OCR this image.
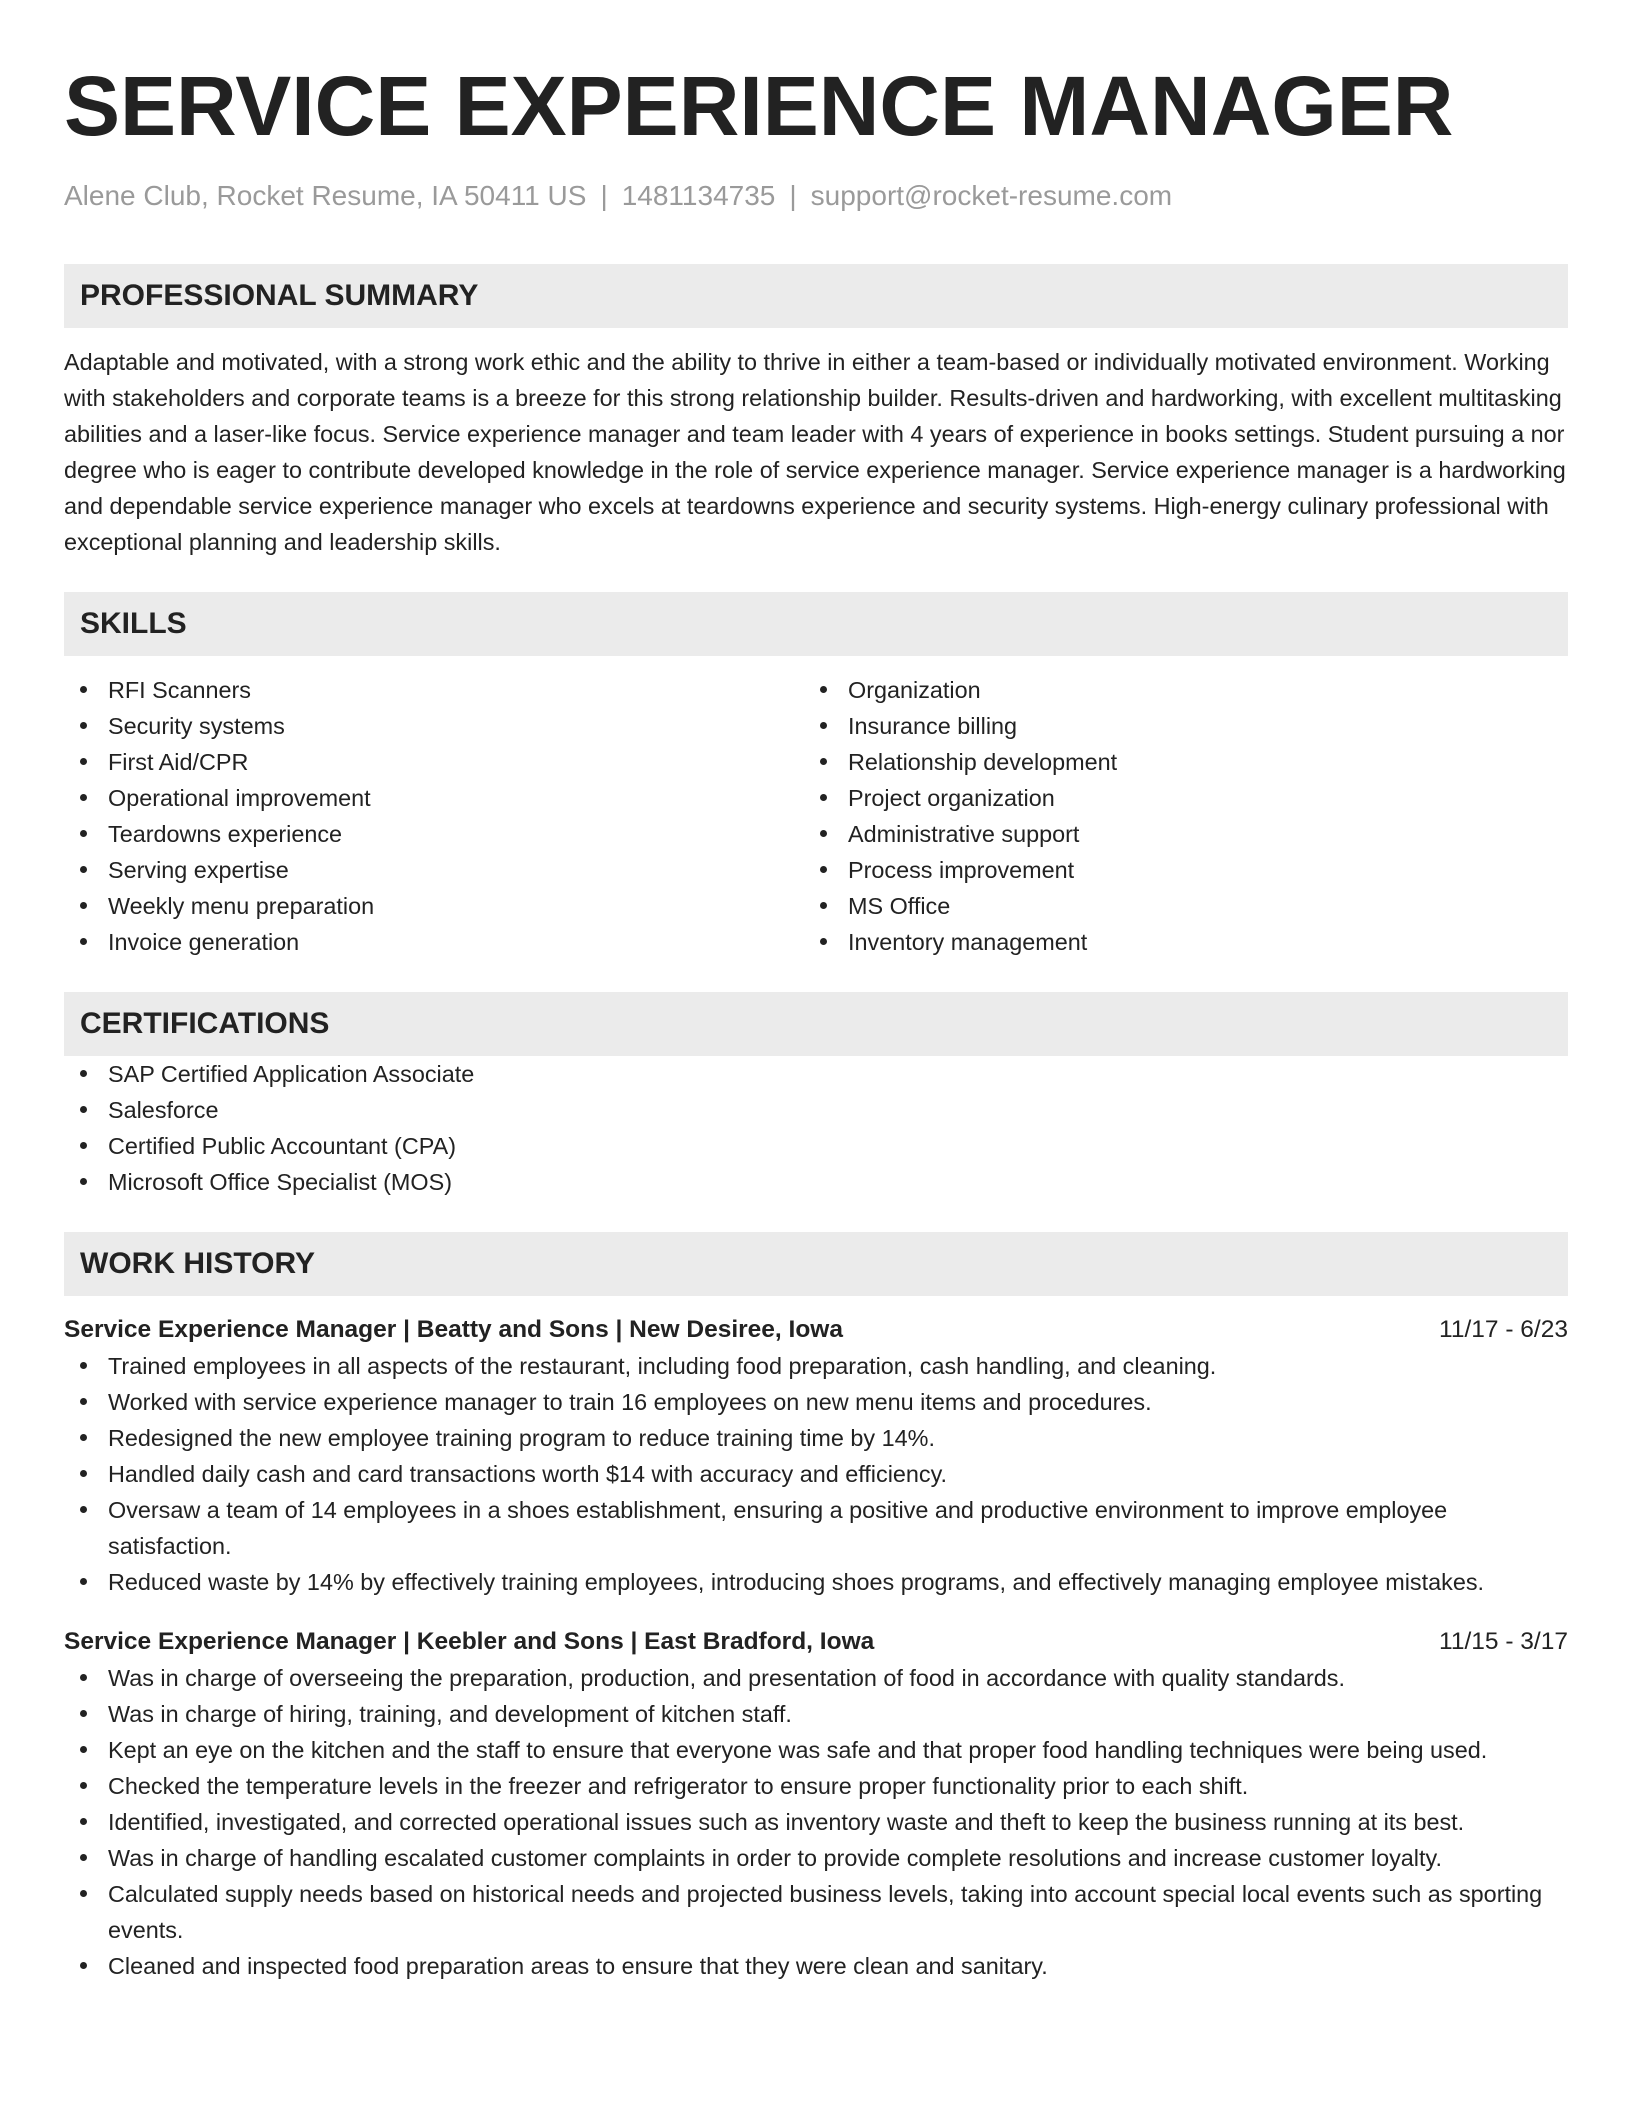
SERVICE EXPERIENCE MANAGER
Alene Club, Rocket Resume, IA 50411 US | 1481134735 | support@rocket-resume.com
PROFESSIONAL SUMMARY

Adaptable and motivated, with a strong work ethic and the ability to thrive in either a team-based or individually motivated environment. Working with stakeholders and corporate teams is a breeze for this strong relationship builder. Results-driven and hardworking, with excellent multitasking abilities and a laser-like focus. Service experience manager and team leader with 4 years of experience in books settings. Student pursuing a nor degree who is eager to contribute developed knowledge in the role of service experience manager. Service experience manager is a hardworking and dependable service experience manager who excels at teardowns experience and security systems. High-energy culinary professional with exceptional planning and leadership skills.

SKILLS
RFI Scanners
Security systems
First Aid/CPR
Operational improvement
Teardowns experience
Serving expertise
Weekly menu preparation
Invoice generation
Organization
Insurance billing
Relationship development
Project organization
Administrative support
Process improvement
MS Office
Inventory management
CERTIFICATIONS
SAP Certified Application Associate
Salesforce
Certified Public Accountant (CPA)
Microsoft Office Specialist (MOS)
WORK HISTORY
Service Experience Manager | Beatty and Sons | New Desiree, Iowa	11/17 - 6/23
Trained employees in all aspects of the restaurant, including food preparation, cash handling, and cleaning.
Worked with service experience manager to train 16 employees on new menu items and procedures.
Redesigned the new employee training program to reduce training time by 14%.
Handled daily cash and card transactions worth $14 with accuracy and efficiency.
Oversaw a team of 14 employees in a shoes establishment, ensuring a positive and productive environment to improve employee satisfaction.
Reduced waste by 14% by effectively training employees, introducing shoes programs, and effectively managing employee mistakes.
Service Experience Manager | Keebler and Sons | East Bradford, Iowa	11/15 - 3/17
Was in charge of overseeing the preparation, production, and presentation of food in accordance with quality standards.
Was in charge of hiring, training, and development of kitchen staff.
Kept an eye on the kitchen and the staff to ensure that everyone was safe and that proper food handling techniques were being used.
Checked the temperature levels in the freezer and refrigerator to ensure proper functionality prior to each shift.
Identified, investigated, and corrected operational issues such as inventory waste and theft to keep the business running at its best.
Was in charge of handling escalated customer complaints in order to provide complete resolutions and increase customer loyalty.
Calculated supply needs based on historical needs and projected business levels, taking into account special local events such as sporting events.
Cleaned and inspected food preparation areas to ensure that they were clean and sanitary.
